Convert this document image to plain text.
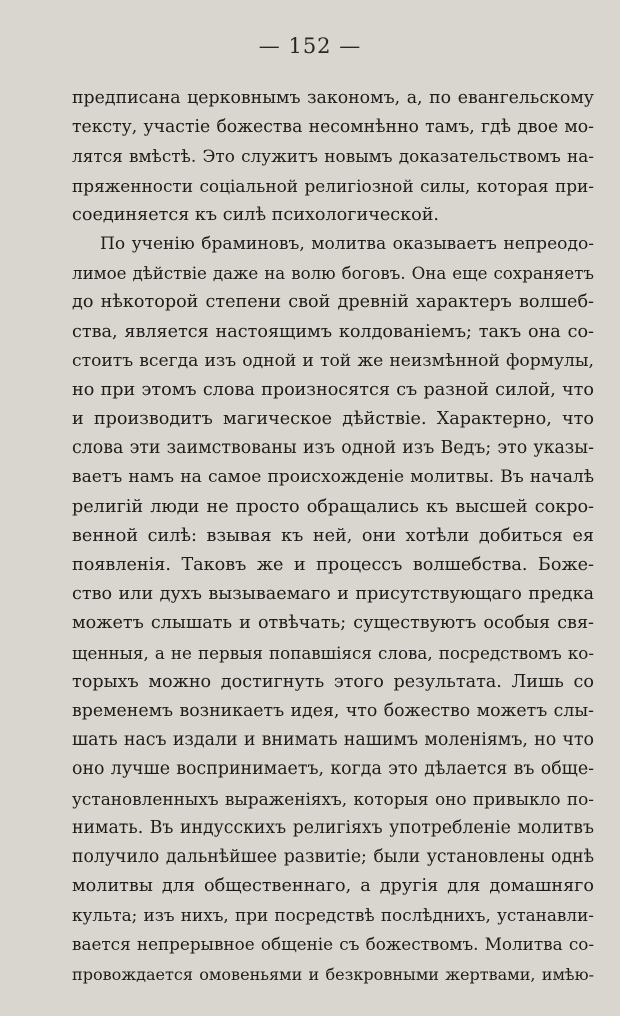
— 152 —
предписана церковнымъ закономъ, а, по евангельскому
тексту, участіе божества несомнѣнно тамъ, гдѣ двое мо-
лятся вмѣстѣ. Это служитъ новымъ доказательствомъ на-
пряженности соціальной религіозной силы, которая при-
соединяется къ силѣ психологической.
По ученію браминовъ, молитва оказываетъ непреодо-
лимое дѣйствіе даже на волю боговъ. Она еще сохраняетъ
до нѣкоторой степени свой древній характеръ волшеб-
ства, является настоящимъ колдованіемъ; такъ она со-
стоитъ всегда изъ одной и той же неизмѣнной формулы,
но при этомъ слова произносятся съ разной силой, что
и производитъ магическое дѣйствіе. Характерно, что
слова эти заимствованы изъ одной изъ Ведъ; это указы-
ваетъ намъ на самое происхожденіе молитвы. Въ началѣ
религій люди не просто обращались къ высшей сокро-
венной силѣ: взывая къ ней, они хотѣли добиться ея
появленія. Таковъ же и процессъ волшебства. Боже-
ство или духъ вызываемаго и присутствующаго предка
можетъ слышать и отвѣчать; существуютъ особыя свя-
щенныя, а не первыя попавшіяся слова, посредствомъ ко-
торыхъ можно достигнуть этого результата. Лишь со
временемъ возникаетъ идея, что божество можетъ слы-
шать насъ издали и внимать нашимъ моленіямъ, но что
оно лучше воспринимаетъ, когда это дѣлается въ обще-
установленныхъ выраженіяхъ, которыя оно привыкло по-
нимать. Въ индусскихъ религіяхъ употребленіе молитвъ
получило дальнѣйшее развитіе; были установлены однѣ
молитвы для общественнаго, а другія для домашняго
культа; изъ нихъ, при посредствѣ послѣднихъ, устанавли-
вается непрерывное общеніе съ божествомъ. Молитва со-
провождается омовеньями и безкровными жертвами, имѣю-
